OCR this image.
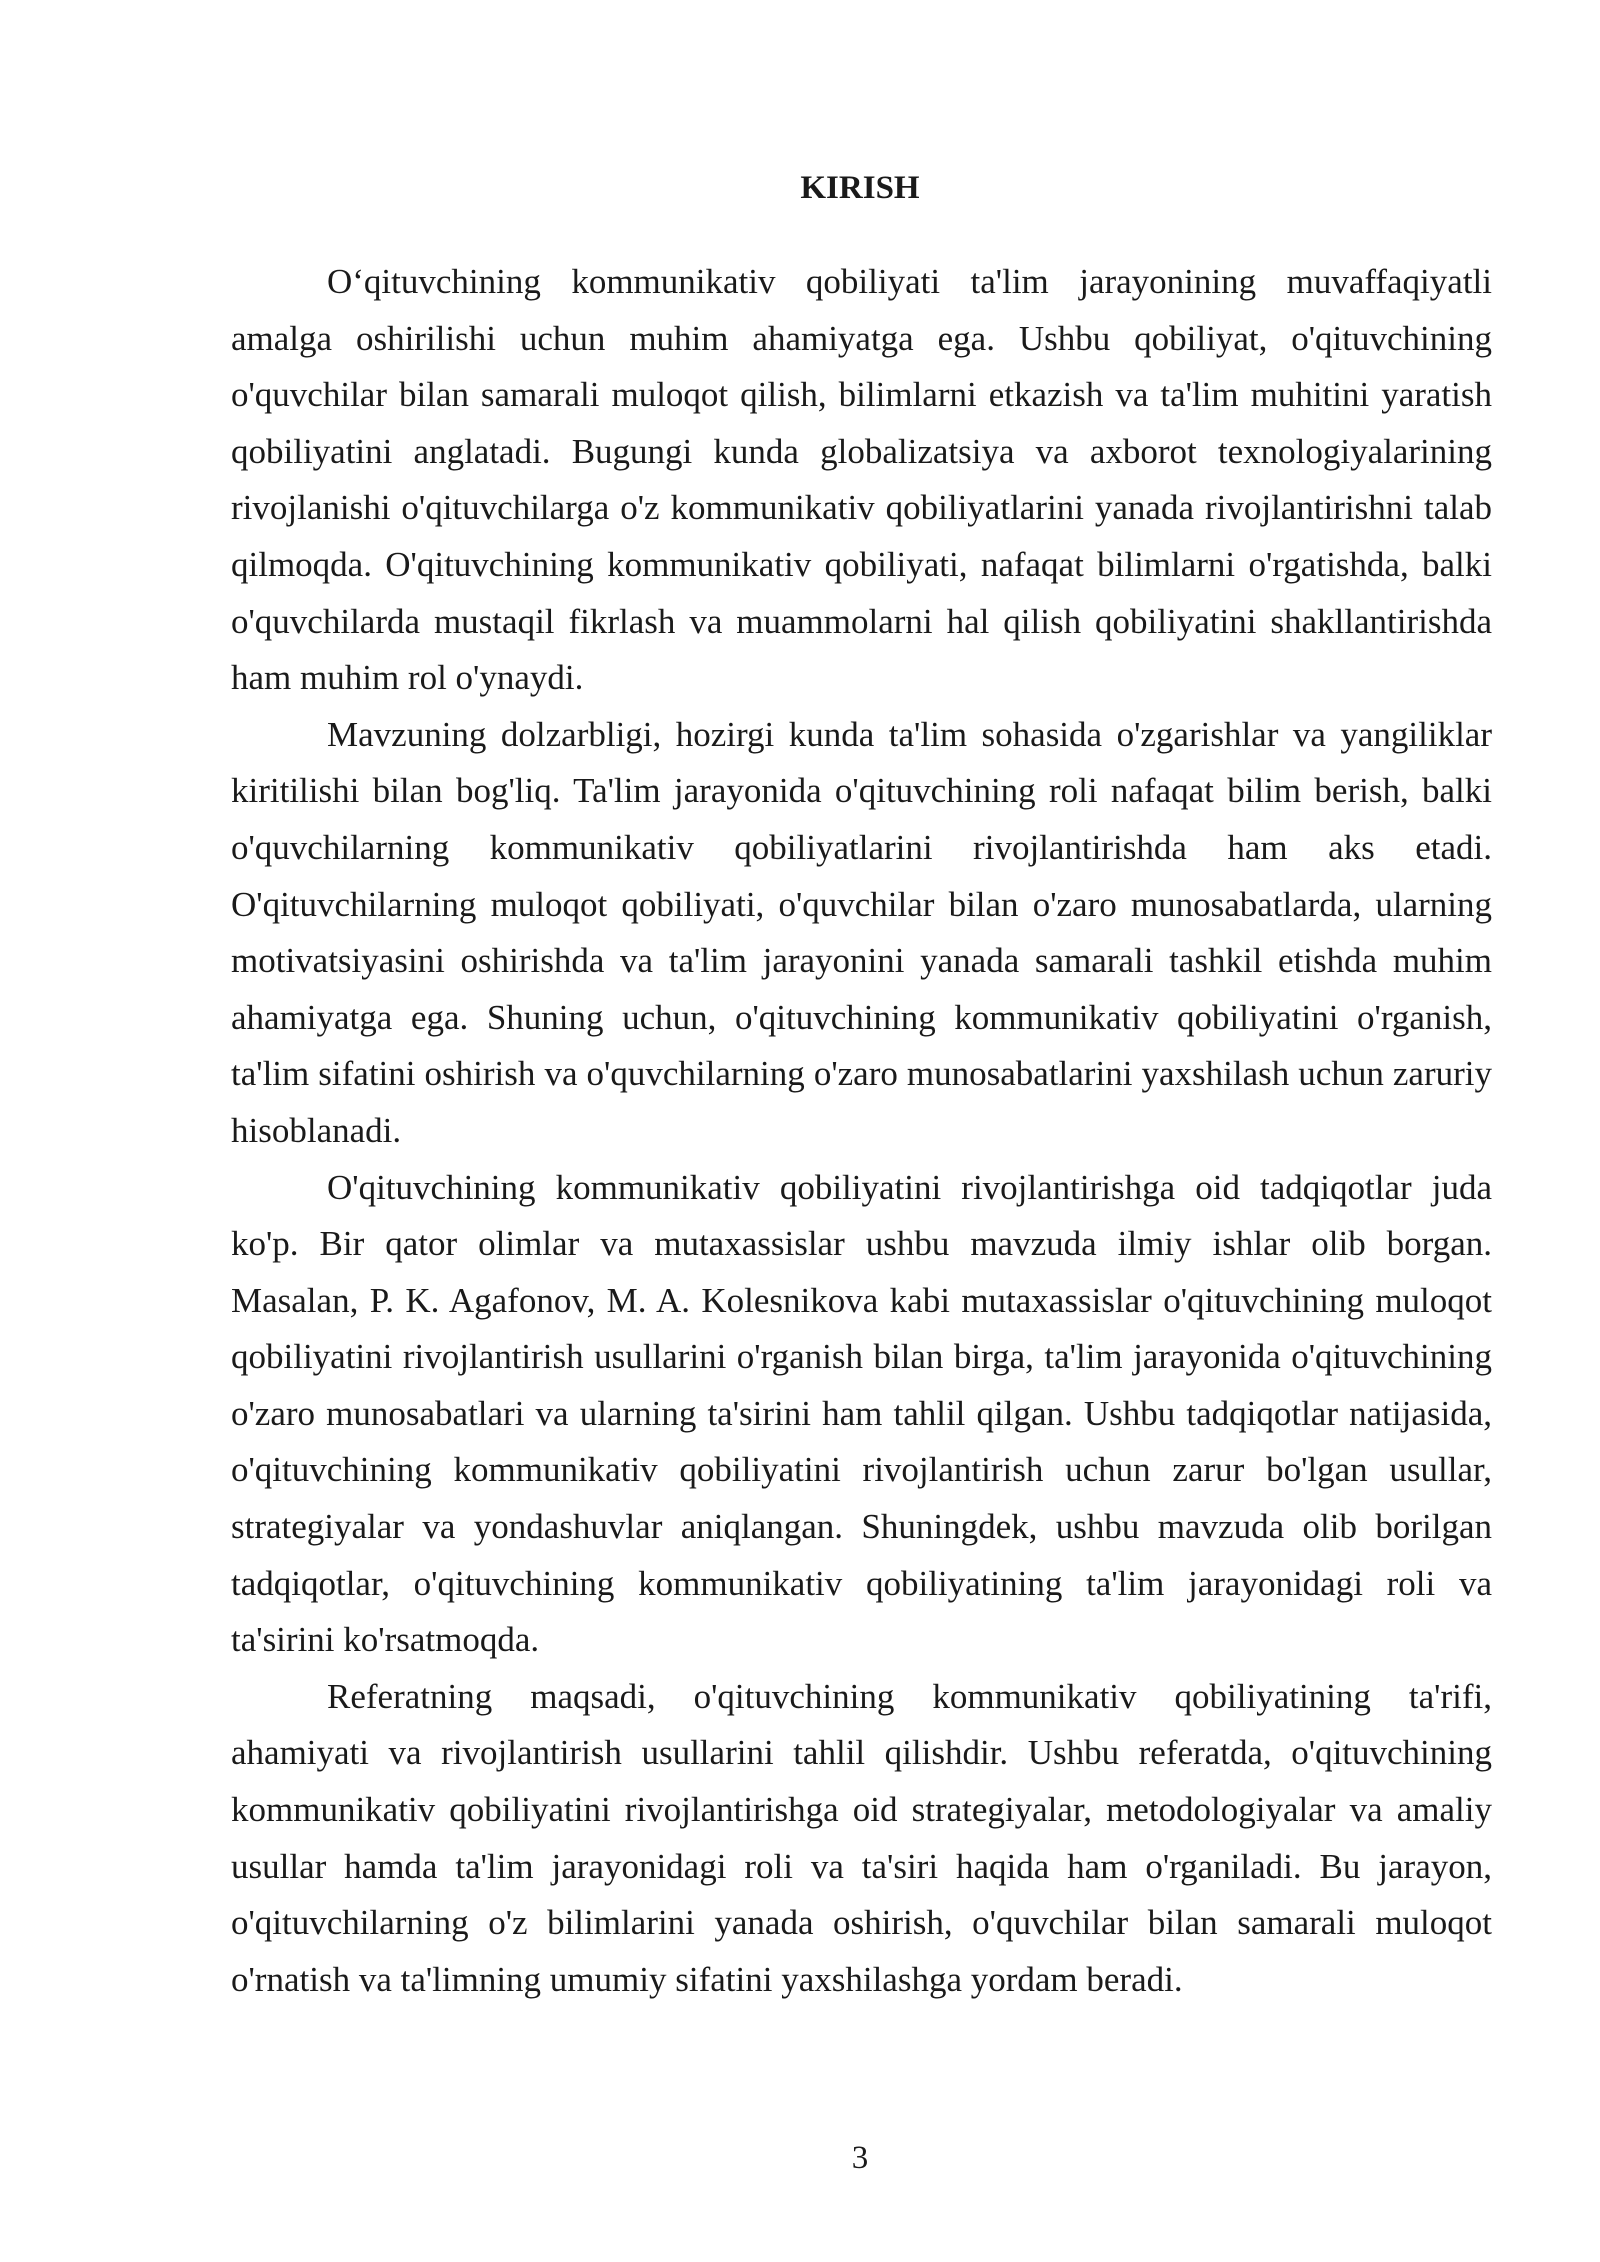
KIRISH

O‘qituvchining kommunikativ qobiliyati ta'lim jarayonining muvaffaqiyatli amalga oshirilishi uchun muhim ahamiyatga ega. Ushbu qobiliyat, o'qituvchining o'quvchilar bilan samarali muloqot qilish, bilimlarni etkazish va ta'lim muhitini yaratish qobiliyatini anglatadi. Bugungi kunda globalizatsiya va axborot texnologiyalarining rivojlanishi o'qituvchilarga o'z kommunikativ qobiliyatlarini yanada rivojlantirishni talab qilmoqda. O'qituvchining kommunikativ qobiliyati, nafaqat bilimlarni o'rgatishda, balki o'quvchilarda mustaqil fikrlash va muammolarni hal qilish qobiliyatini shakllantirishda ham muhim rol o'ynaydi.

Mavzuning dolzarbligi, hozirgi kunda ta'lim sohasida o'zgarishlar va yangiliklar kiritilishi bilan bog'liq. Ta'lim jarayonida o'qituvchining roli nafaqat bilim berish, balki o'quvchilarning kommunikativ qobiliyatlarini rivojlantirishda ham aks etadi. O'qituvchilarning muloqot qobiliyati, o'quvchilar bilan o'zaro munosabatlarda, ularning motivatsiyasini oshirishda va ta'lim jarayonini yanada samarali tashkil etishda muhim ahamiyatga ega. Shuning uchun, o'qituvchining kommunikativ qobiliyatini o'rganish, ta'lim sifatini oshirish va o'quvchilarning o'zaro munosabatlarini yaxshilash uchun zaruriy hisoblanadi.

O'qituvchining kommunikativ qobiliyatini rivojlantirishga oid tadqiqotlar juda ko'p. Bir qator olimlar va mutaxassislar ushbu mavzuda ilmiy ishlar olib borgan. Masalan, P. K. Agafonov, M. A. Kolesnikova kabi mutaxassislar o'qituvchining muloqot qobiliyatini rivojlantirish usullarini o'rganish bilan birga, ta'lim jarayonida o'qituvchining o'zaro munosabatlari va ularning ta'sirini ham tahlil qilgan. Ushbu tadqiqotlar natijasida, o'qituvchining kommunikativ qobiliyatini rivojlantirish uchun zarur bo'lgan usullar, strategiyalar va yondashuvlar aniqlangan. Shuningdek, ushbu mavzuda olib borilgan tadqiqotlar, o'qituvchining kommunikativ qobiliyatining ta'lim jarayonidagi roli va ta'sirini ko'rsatmoqda.

Referatning maqsadi, o'qituvchining kommunikativ qobiliyatining ta'rifi, ahamiyati va rivojlantirish usullarini tahlil qilishdir. Ushbu referatda, o'qituvchining kommunikativ qobiliyatini rivojlantirishga oid strategiyalar, metodologiyalar va amaliy usullar hamda ta'lim jarayonidagi roli va ta'siri haqida ham o'rganiladi. Bu jarayon, o'qituvchilarning o'z bilimlarini yanada oshirish, o'quvchilar bilan samarali muloqot o'rnatish va ta'limning umumiy sifatini yaxshilashga yordam beradi.

3
